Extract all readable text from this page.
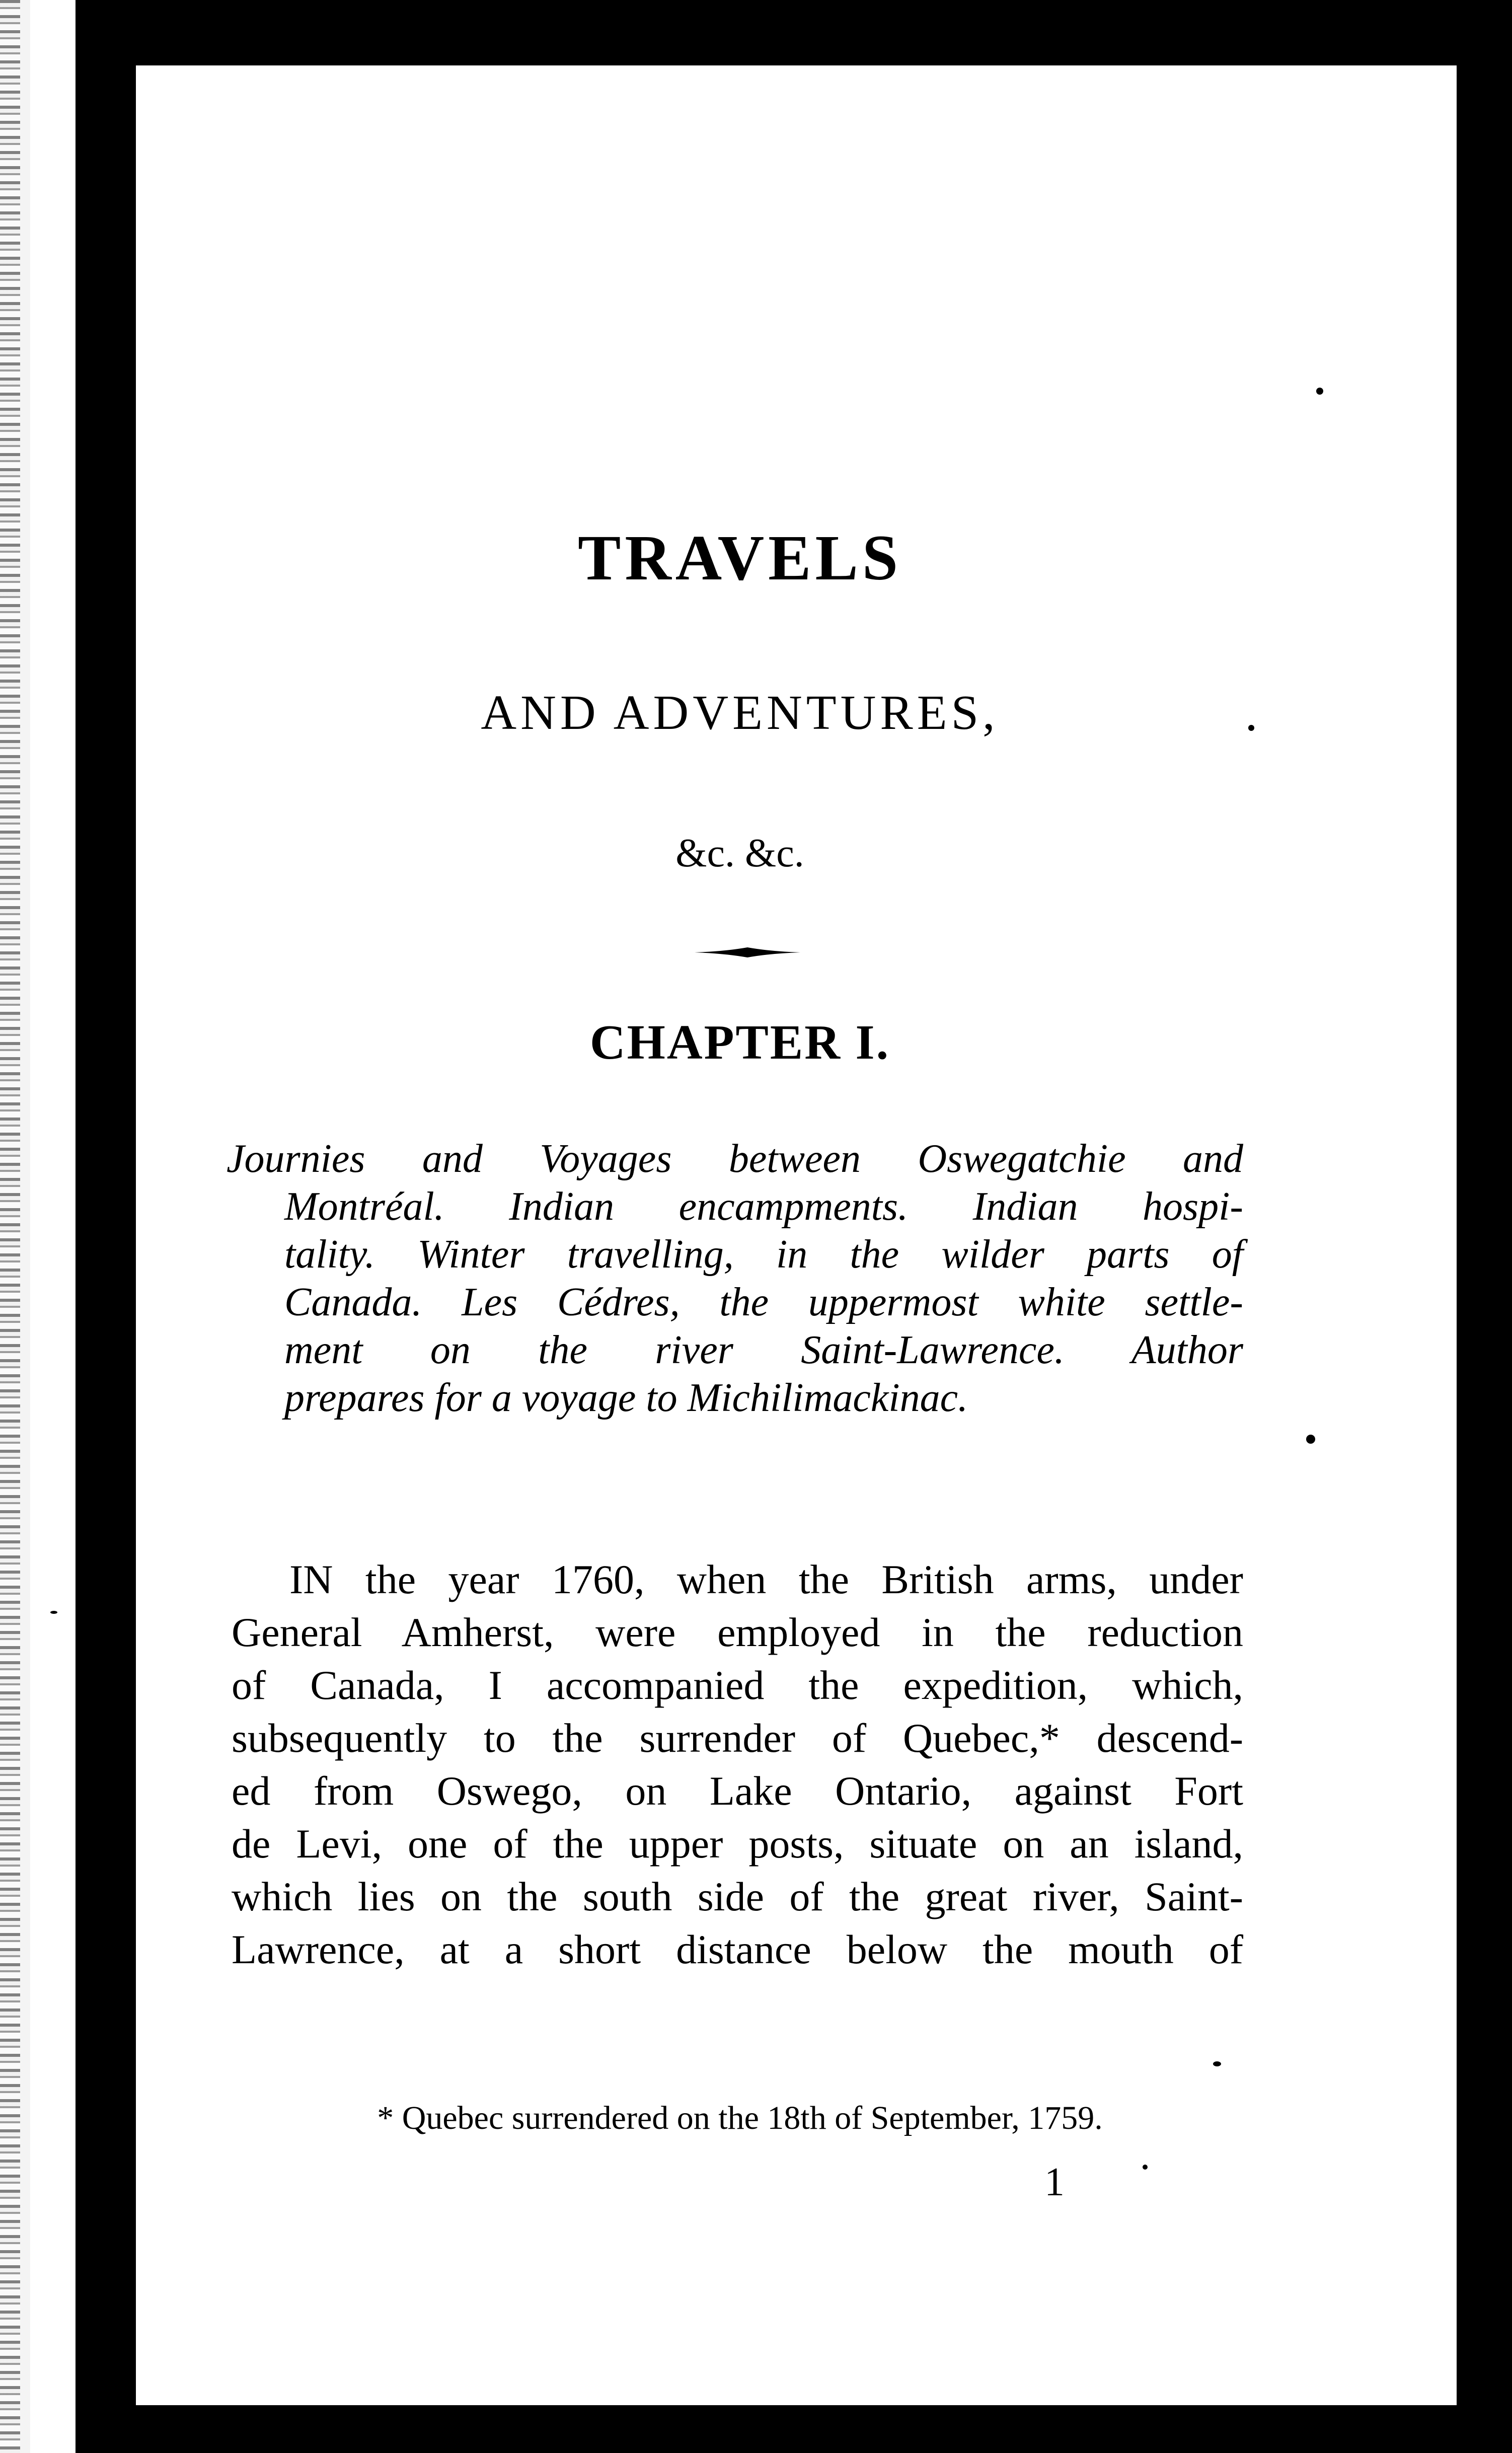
TRAVELS
AND ADVENTURES,
&c. &c.
CHAPTER I.
Journies and Voyages between Oswegatchie and
Montréal. Indian encampments. Indian hospi-
tality. Winter travelling, in the wilder parts of
Canada. Les Cédres, the uppermost white settle-
ment on the river Saint-Lawrence. Author
prepares for a voyage to Michilimackinac.
IN the year 1760, when the British arms, under
General Amherst, were employed in the reduction
of Canada, I accompanied the expedition, which,
subsequently to the surrender of Quebec,* descend-
ed from Oswego, on Lake Ontario, against Fort
de Levi, one of the upper posts, situate on an island,
which lies on the south side of the great river, Saint-
Lawrence, at a short distance below the mouth of
* Quebec surrendered on the 18th of September, 1759.
1
